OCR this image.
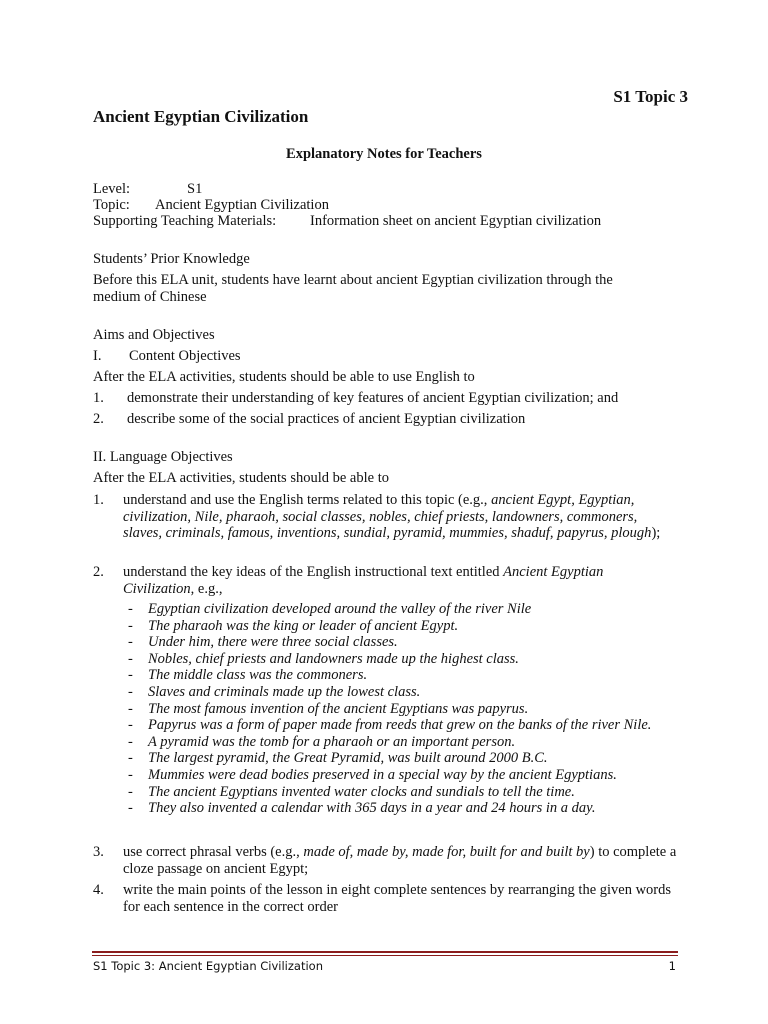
S1 Topic 3
Ancient Egyptian Civilization
Explanatory Notes for Teachers
Level:	S1
Topic: Ancient Egyptian Civilization
Supporting Teaching Materials: Information sheet on ancient Egyptian civilization
Students’ Prior Knowledge
Before this ELA unit, students have learnt about ancient Egyptian civilization through the
medium of Chinese
Aims and Objectives
I. Content Objectives
After the ELA activities, students should be able to use English to
1. demonstrate their understanding of key features of ancient Egyptian civilization; and
2. describe some of the social practices of ancient Egyptian civilization
II. Language Objectives
After the ELA activities, students should be able to
1. understand and use the English terms related to this topic (e.g., ancient Egypt, Egyptian, civilization, Nile, pharaoh, social classes, nobles, chief priests, landowners, commoners, slaves, criminals, famous, inventions, sundial, pyramid, mummies, shaduf, papyrus, plough);
2. understand the key ideas of the English instructional text entitled Ancient Egyptian Civilization, e.g.,
- Egyptian civilization developed around the valley of the river Nile
- The pharaoh was the king or leader of ancient Egypt.
- Under him, there were three social classes.
- Nobles, chief priests and landowners made up the highest class.
- The middle class was the commoners.
- Slaves and criminals made up the lowest class.
- The most famous invention of the ancient Egyptians was papyrus.
- Papyrus was a form of paper made from reeds that grew on the banks of the river Nile.
- A pyramid was the tomb for a pharaoh or an important person.
- The largest pyramid, the Great Pyramid, was built around 2000 B.C.
- Mummies were dead bodies preserved in a special way by the ancient Egyptians.
- The ancient Egyptians invented water clocks and sundials to tell the time.
- They also invented a calendar with 365 days in a year and 24 hours in a day.
3. use correct phrasal verbs (e.g., made of, made by, made for, built for and built by) to complete a cloze passage on ancient Egypt;
4. write the main points of the lesson in eight complete sentences by rearranging the given words for each sentence in the correct order
S1 Topic 3: Ancient Egyptian Civilization	1
